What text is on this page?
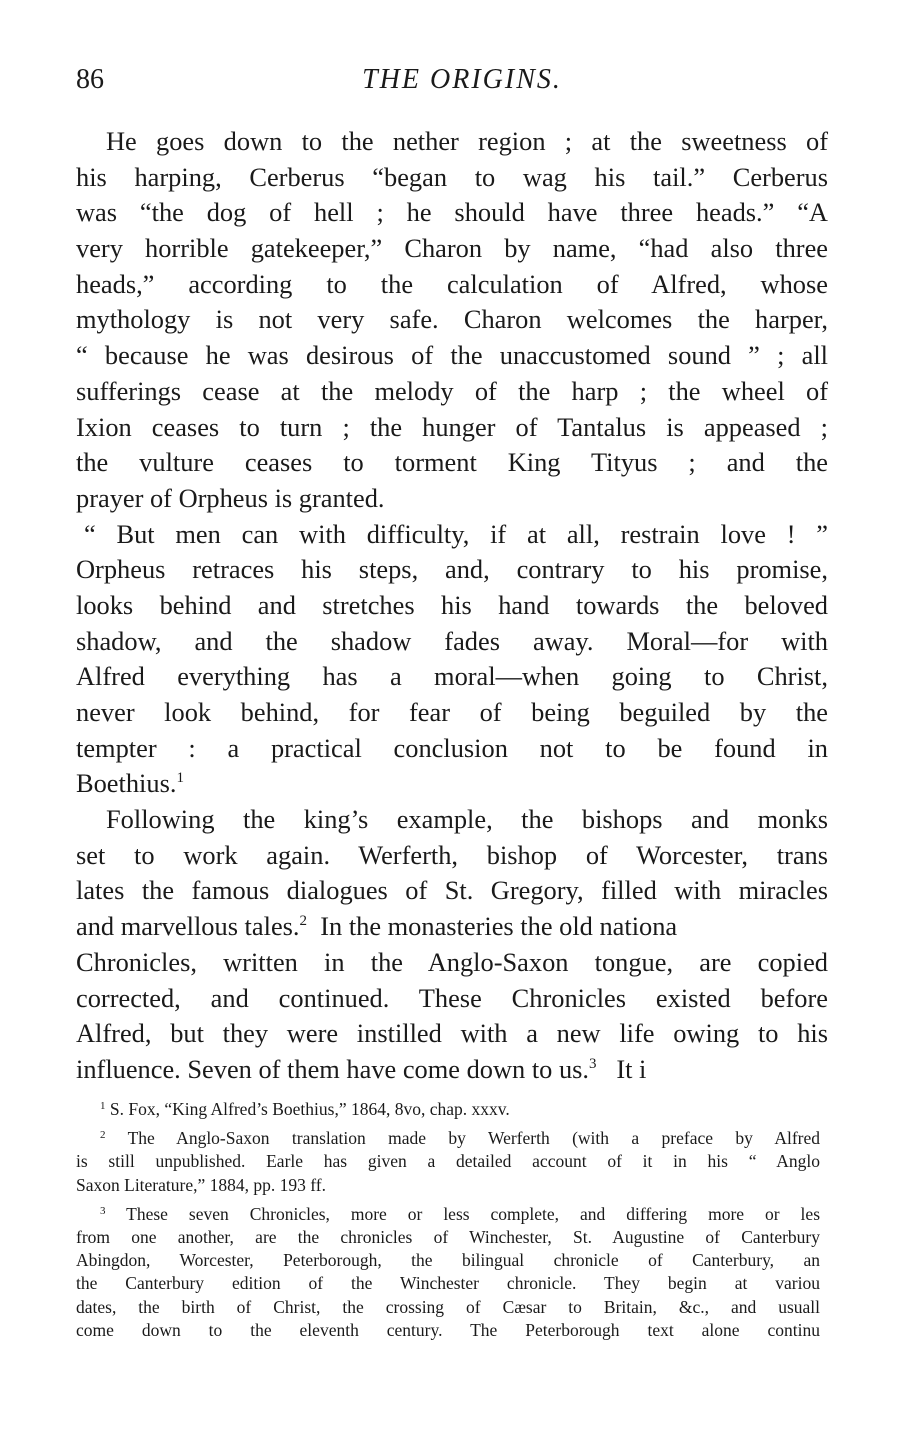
86	THE ORIGINS.
He goes down to the nether region ; at the sweetness of
his harping, Cerberus “began to wag his tail.” Cerberus
was “the dog of hell ; he should have three heads.” “A
very horrible gatekeeper,” Charon by name, “had also three
heads,” according to the calculation of Alfred, whose
mythology is not very safe. Charon welcomes the harper,
“ because he was desirous of the unaccustomed sound ” ; all
sufferings cease at the melody of the harp ; the wheel of
Ixion ceases to turn ; the hunger of Tantalus is appeased ;
the vulture ceases to torment King Tityus ; and the
prayer of Orpheus is granted.
“ But men can with difficulty, if at all, restrain love ! ”
Orpheus retraces his steps, and, contrary to his promise,
looks behind and stretches his hand towards the beloved
shadow, and the shadow fades away. Moral—for with
Alfred everything has a moral—when going to Christ,
never look behind, for fear of being beguiled by the
tempter : a practical conclusion not to be found in
Boethius.$^1$
Following the king’s example, the bishops and monks
set to work again. Werferth, bishop of Worcester, trans
lates the famous dialogues of St. Gregory, filled with miracles
and marvellous tales.$^2$ In the monasteries the old nationa
Chronicles, written in the Anglo-Saxon tongue, are copied
corrected, and continued. These Chronicles existed before
Alfred, but they were instilled with a new life owing to his
influence. Seven of them have come down to us.$^3$ It i
$^1$ S. Fox, “King Alfred’s Boethius,” 1864, 8vo, chap. xxxv.
$^2$ The Anglo-Saxon translation made by Werferth (with a preface by Alfred
is still unpublished. Earle has given a detailed account of it in his “ Anglo
Saxon Literature,” 1884, pp. 193 ff.
$^3$ These seven Chronicles, more or less complete, and differing more or les
from one another, are the chronicles of Winchester, St. Augustine of Canterbury
Abingdon, Worcester, Peterborough, the bilingual chronicle of Canterbury, an
the Canterbury edition of the Winchester chronicle. They begin at variou
dates, the birth of Christ, the crossing of Cæsar to Britain, &c., and usuall
come down to the eleventh century. The Peterborough text alone continu
